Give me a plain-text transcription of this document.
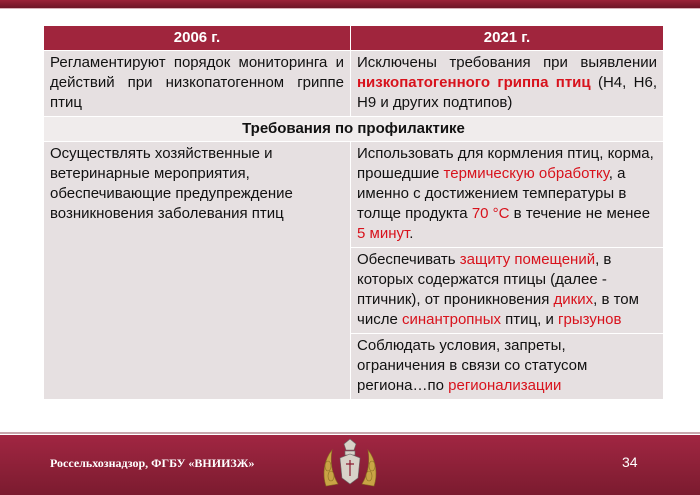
2006 г.	2021 г.
Регламентируют порядок мониторинга и действий при низкопатогенном гриппе птиц	Исключены требования при выявлении низкопатогенного гриппа птиц (Н4, Н6, Н9 и других подтипов)
Требования по профилактике	
Осуществлять хозяйственные и ветеринарные мероприятия, обеспечивающие предупреждение возникновения заболевания птиц	Использовать для кормления птиц, корма, прошедшие термическую обработку, а именно с достижением температуры в толще продукта 70 °С в течение не менее 5 минут.
	Обеспечивать защиту помещений, в которых содержатся птицы (далее - птичник), от проникновения диких, в том числе синантропных птиц, и грызунов
	Соблюдать условия, запреты, ограничения в связи со статусом региона…по регионализации
Россельхознадзор, ФГБУ «ВНИИЗЖ»	34
